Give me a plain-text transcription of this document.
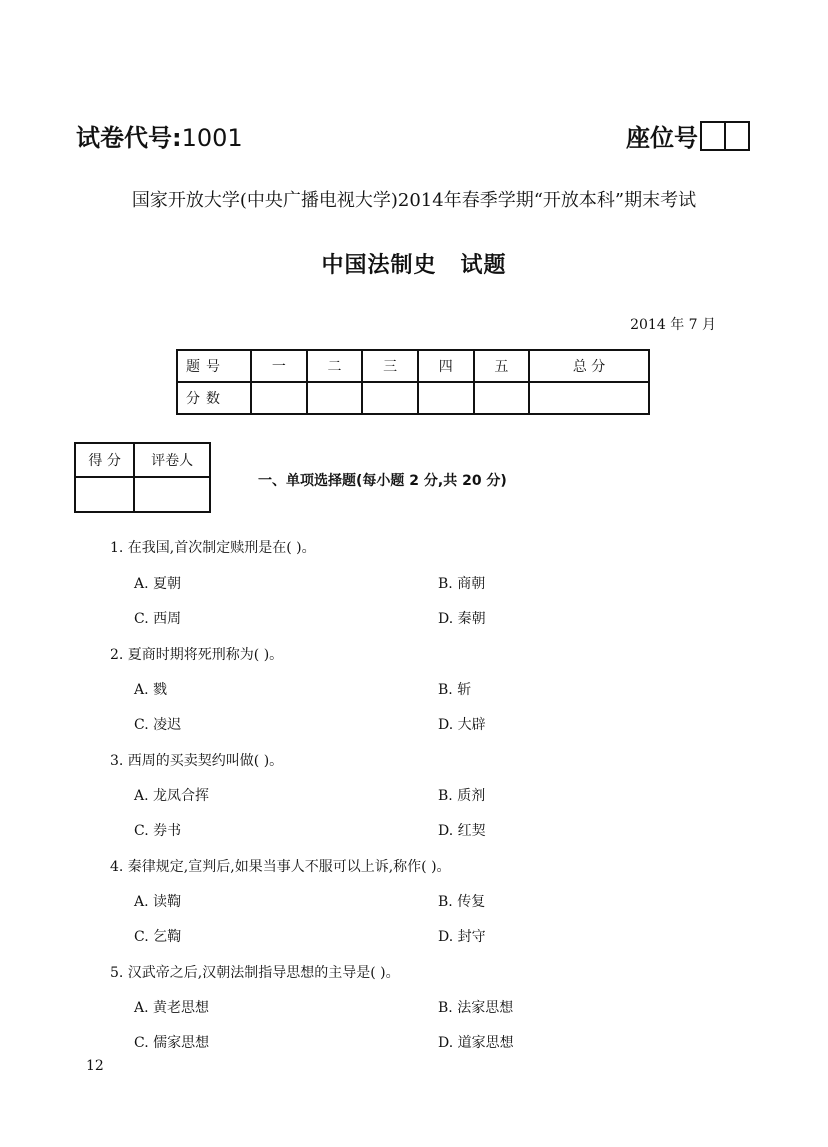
试卷代号:1001	座位号
国家开放大学(中央广播电视大学)2014年春季学期“开放本科”期末考试
中国法制史 试题
2014 年 7 月
题号	一	二	三	四	五	总 分
分数						
得 分	评卷人

一、单项选择题(每小题 2 分,共 20 分)
1. 在我国,首次制定赎刑是在( )。
A. 夏朝	B. 商朝
C. 西周	D. 秦朝
2. 夏商时期将死刑称为( )。
A. 戮	B. 斩
C. 凌迟	D. 大辟
3. 西周的买卖契约叫做( )。
A. 龙凤合挥	B. 质剂
C. 券书	D. 红契
4. 秦律规定,宣判后,如果当事人不服可以上诉,称作( )。
A. 读鞫	B. 传复
C. 乞鞫	D. 封守
5. 汉武帝之后,汉朝法制指导思想的主导是( )。
A. 黄老思想	B. 法家思想
C. 儒家思想	D. 道家思想
12
